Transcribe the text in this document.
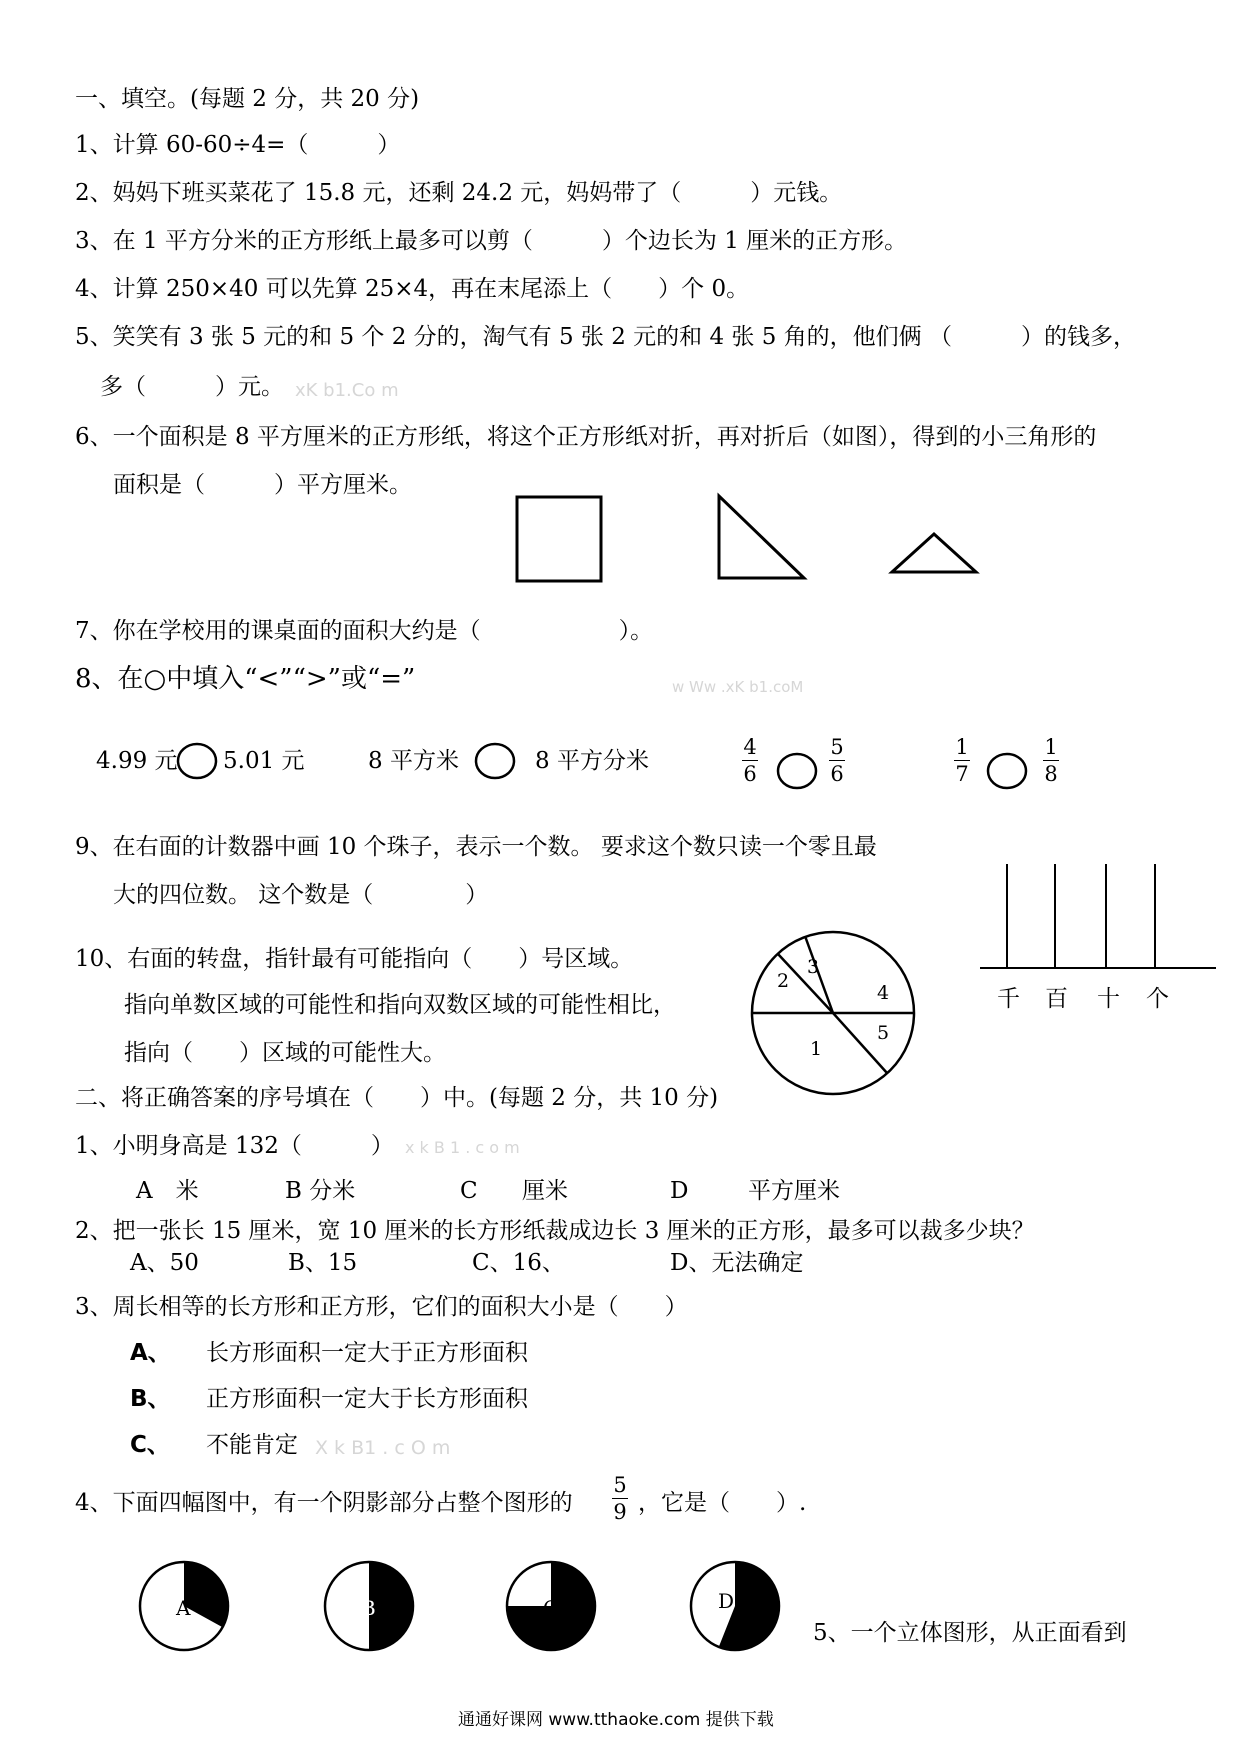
一、填空。(每题 2 分，共 20 分)
1、计算 60-60÷4=（　　　）
2、妈妈下班买菜花了 15.8 元，还剩 24.2 元，妈妈带了（　　　）元钱。
3、在 1 平方分米的正方形纸上最多可以剪（　　　）个边长为 1 厘米的正方形。
4、计算 250×40 可以先算 25×4，再在末尾添上（　　）个 0。
5、笑笑有 3 张 5 元的和 5 个 2 分的，淘气有 5 张 2 元的和 4 张 5 角的，他们俩 （　　　）的钱多，
多（　　　）元。 xK b1.Co m
6、一个面积是 8 平方厘米的正方形纸，将这个正方形纸对折，再对折后（如图），得到的小三角形的
面积是（　　　）平方厘米。
7、你在学校用的课桌面的面积大约是（　　　　　　）。
8、在○中填入“<”“>”或“=”	w Ww .xK b1.coM
4.99 元 5.01 元	8 平方米	8 平方分米
4
6
5
6
1
7
1
8
9、在右面的计数器中画 10 个珠子，表示一个数。 要求这个数只读一个零且最
大的四位数。 这个数是（　　　　）
千 百 十 个
10、右面的转盘，指针最有可能指向（　　）号区域。
指向单数区域的可能性和指向双数区域的可能性相比，
指向（　　）区域的可能性大。
2
3
4
5
1
二、将正确答案的序号填在（　　）中。(每题 2 分，共 10 分)
1、小明身高是 132（　　　） x k B 1 . c o m
A　米	B 分米	C 厘米	D	平方厘米
2、把一张长 15 厘米，宽 10 厘米的长方形纸裁成边长 3 厘米的正方形，最多可以裁多少块？
A、50	B、15	C、16、	D、无法确定
3、周长相等的长方形和正方形，它们的面积大小是（　　）
A、 长方形面积一定大于正方形面积
B、 正方形面积一定大于长方形面积
C、 不能肯定 X k B1 . c O m
4、下面四幅图中，有一个阴影部分占整个图形的
5
9 ，它是（　　）.
A	B	C	D
5、一个立体图形，从正面看到
通通好课网 www.tthaoke.com 提供下载
